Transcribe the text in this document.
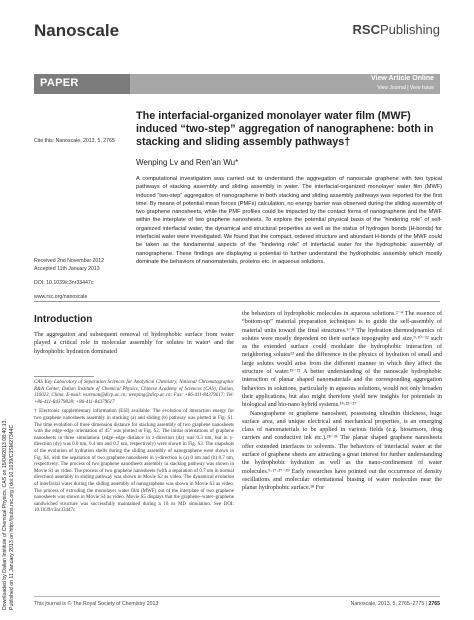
Downloaded by Dalian Institute of Chemical Physics, CAS on 15/04/2013 08:40:13. Published on 11 January 2013 on http://pubs.rsc.org | doi:10.1039/C3SM27344C
Nanoscale	RSCPublishing
PAPER	View Article Online
View Journal | View Issue
The interfacial-organized monolayer water film (MWF) induced “two-step” aggregation of nanographene: both in stacking and sliding assembly pathways†
Cite this: Nanoscale, 2013, 5, 2765
Wenping Lv and Ren'an Wu*
A computational investigation was carried out to understand the aggregation of nanoscale graphene with two typical pathways of stacking assembly and sliding assembly in water. The interfacial-organized monolayer water film (MWF) induced “two-step” aggregation of nanographene in both stacking and sliding assembly pathways was reported for the first time. By means of potential mean forces (PMFs) calculation, no energy barrier was observed during the sliding assembly of two graphene nanosheets, while the PMF profiles could be impacted by the contact forms of nanographene and the MWF within the interplate of two graphene nanosheets. To explore the potential physical basis of the “hindering role” of self-organized interfacial water, the dynamical and structural properties as well as the status of hydrogen bonds (H-bonds) for interfacial water were investigated. We found that the compact, ordered structure and abundant H-bonds of the MWF could be taken as the fundamental aspects of the “hindering role” of interfacial water for the hydrophobic assembly of nanographene. These findings are displaying a potential to further understand the hydrophobic assembly which mostly dominate the behaviors of nanomaterials, proteins etc. in aqueous solutions.
Received 2nd November 2012
Accepted 11th January 2013
DOI: 10.1039/c3nr33447c
www.rsc.org/nanoscale
Introduction

The aggregation and subsequent removal of hydrophobic surface from water played a critical role in molecular assembly for solutes in water¹ and the hydrophobic hydration dominated

CAS Key Laboratory of Separation Sciences for Analytical Chemistry, National Chromatographic R&A Center, Dalian Institute of Chemical Physics, Chinese Academy of Sciences (CAS), Dalian, 116023, China. E-mail: wurenan@dicp.ac.cn; wenping@dicp.ac.cn; Fax: +86-411-84379617; Tel: +86-411-84379828; +86-411-84379617

† Electronic supplementary information (ESI) available: The evolution of interaction energy for two graphene nanosheets assembly in stacking (a) and sliding (b) pathway was plotted in Fig. S1. The time evolution of three dimension distance for stacking assembly of two graphene nanosheets with the edge–edge orientation of 45° was plotted in Fig. S2. The initial orientations of graphene nanosheets in three simulations (edge–edge distance in z-direction (dz) was 0.3 nm, but in y-direction (dy) was 0.0 nm, 0.4 nm and 0.7 nm, respectively) were shown in Fig. S3. The snapshots of the evolution of hydration shells during the sliding assembly of nanographene were shown in Fig. S4, with the separation of two graphene nanosheets in y-direction is (a) 0 nm and (b) 0.7 nm, respectively. The process of two graphene nanosheets assembly in stacking pathway was shown in Movie S1 as video. The process of two graphene nanosheets (with a separation of 0.7 nm in normal direction) assembly in sliding pathway was shown in Movie S2 as video. The dynamical evolution of interfacial water during the sliding assembly of nanographene was shown in Movie S3 as video. The process of extruding the monolayer water film (MWF) out of the interplate of two graphene nanosheets was shown in Movie S4 as video. Movie S5 displays that the graphene–water–graphene sandwiched structure was successfully maintained during a 10 ns MD simulation. See DOI: 10.1039/c3nr33447c

the behaviors of hydrophobic molecules in aqueous solutions.²⁻⁴ The essence of “bottom-up” material preparation techniques is to guide the self-assembly of material units toward the final structures.⁵⁻⁸ The hydration thermodynamics of solutes were mostly dependent on their surface topography and size,⁹·¹⁰⁻¹² such as the extended surface could modulate the hydrophobic interaction of neighboring solutes¹³ and the difference in the physics of hydration of small and large solutes would arise from the different manner in which they affect the structure of water.¹⁹⁻²² A better understanding of the nanoscale hydrophobic interaction of planar shaped nanomaterials and the corresponding aggregation behaviors in solutions, particularly in aqueous solutions, would not only broaden their applications, but also might therefore yield new insights for potentials in biological and bio-nano hybrid systems.¹⁴·²³⁻²⁷

Nanographene or graphene nanosheet, possessing ultrathin thickness, huge surface area, and unique electrical and mechanical properties, is an emerging class of nanomaterials to be applied in various fields (e.g. biosensors, drug carriers and conductive ink etc.).²⁸⁻³⁶ The planar shaped graphene nanosheets offer extended interfaces to solvents. The behaviors of interfacial water at the surface of graphene sheets are attracting a great interest for further understanding the hydrophobic hydration as well as the nano-confinement of water molecules.⁹·¹⁷·³⁷⁻³⁹ Early researches have pointed out the occurrence of density oscillations and molecular orientational biasing of water molecules near the planar hydrophobic surface.¹⁸ For

This journal is © The Royal Society of Chemistry 2013	Nanoscale, 2013, 5, 2765–2775 | 2765
